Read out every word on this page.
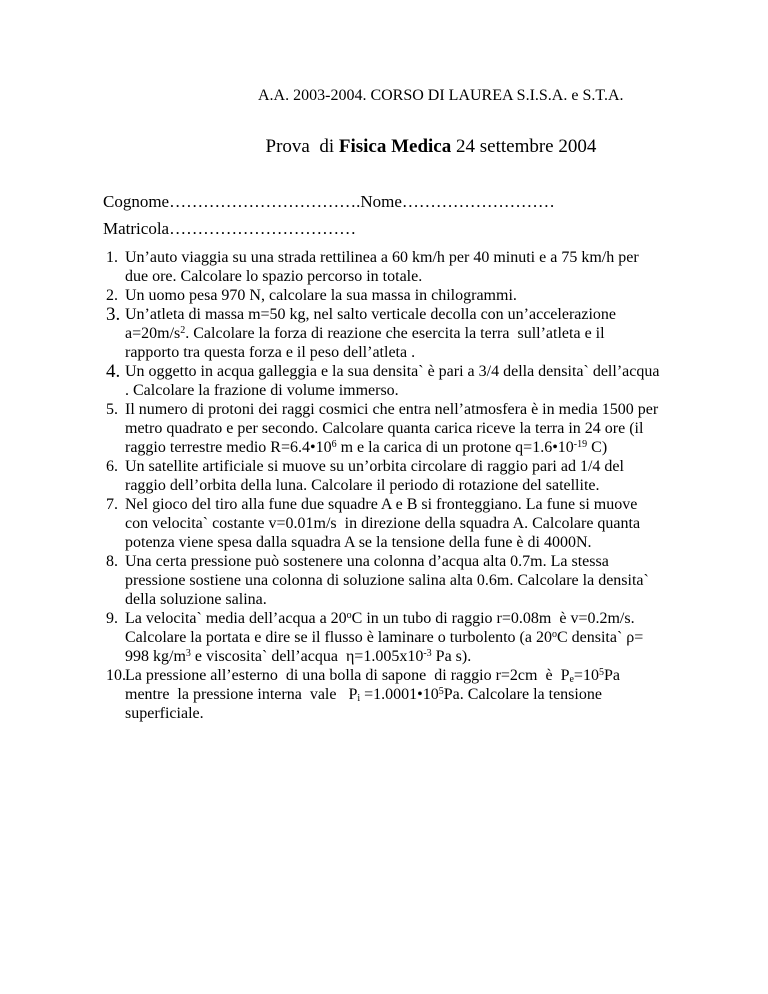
A.A. 2003-2004. CORSO DI LAUREA S.I.S.A. e S.T.A.

Prova  di Fisica Medica 24 settembre 2004

Cognome…………………………….Nome………………………
Matricola……………………………
1. Un’auto viaggia su una strada rettilinea a 60 km/h per 40 minuti e a 75 km/h per due ore. Calcolare lo spazio percorso in totale.
2. Un uomo pesa 970 N, calcolare la sua massa in chilogrammi.
3. Un’atleta di massa m=50 kg, nel salto verticale decolla con un’accelerazione $a=20m/s^2$. Calcolare la forza di reazione che esercita la terra  sull’atleta e il rapporto tra questa forza e il peso dell’atleta .
4. Un oggetto in acqua galleggia e la sua densita` è pari a 3/4 della densita` dell’acqua . Calcolare la frazione di volume immerso.
5. Il numero di protoni dei raggi cosmici che entra nell’atmosfera è in media 1500 per metro quadrato e per secondo. Calcolare quanta carica riceve la terra in 24 ore (il raggio terrestre medio $R=6.4•10^6$ m e la carica di un protone $q=1.6•10^{-19}$ C)
6. Un satellite artificiale si muove su un’orbita circolare di raggio pari ad 1/4 del raggio dell’orbita della luna. Calcolare il periodo di rotazione del satellite.
7. Nel gioco del tiro alla fune due squadre A e B si fronteggiano. La fune si muove con velocita` costante v=0.01m/s  in direzione della squadra A. Calcolare quanta potenza viene spesa dalla squadra A se la tensione della fune è di 4000N.
8. Una certa pressione può sostenere una colonna d’acqua alta 0.7m. La stessa pressione sostiene una colonna di soluzione salina alta 0.6m. Calcolare la densita` della soluzione salina.
9. La velocita` media dell’acqua a 20$^o$C in un tubo di raggio r=0.08m  è v=0.2m/s. Calcolare la portata e dire se il flusso è laminare o turbolento (a 20$^o$C densita` ρ= 998 $kg/m^3$ e viscosita` dell’acqua  $\eta=1.005x10^{-3}$ Pa s).
10. La pressione all’esterno  di una bolla di sapone  di raggio r=2cm  è  $P_e=10^5Pa$ mentre  la pressione interna  vale   $P_i$ $=1.0001•10^5Pa$. Calcolare la tensione superficiale.
